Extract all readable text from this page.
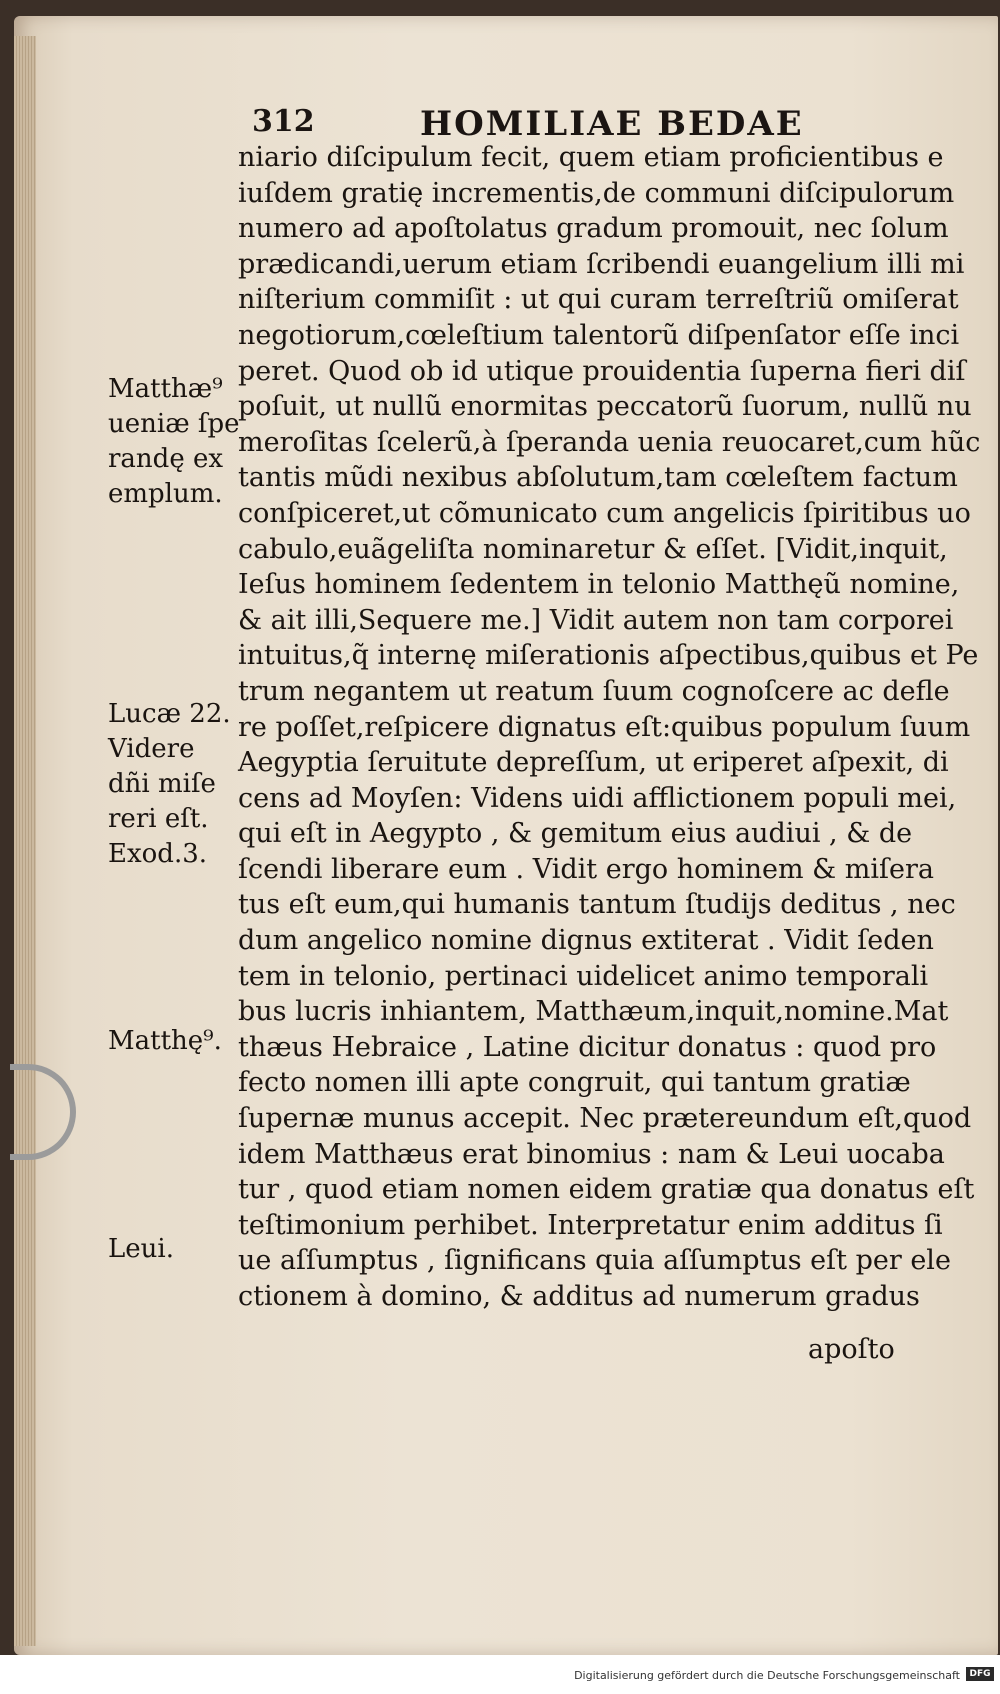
312	HOMILIAE BEDAE
niario diſcipulum fecit, quem etiam proficientibus e
iuſdem gratię incrementis,de communi diſcipulorum
numero ad apoſtolatus gradum promouit, nec ſolum
prædicandi,uerum etiam ſcribendi euangelium illi mi
niſterium commiſit : ut qui curam terreſtriũ omiſerat
negotiorum,cœleſtium talentorũ diſpenſator eſſe inci
peret. Quod ob id utique prouidentia ſuperna fieri diſ
poſuit, ut nullũ enormitas peccatorũ ſuorum, nullũ nu
meroſitas ſcelerũ,à ſperanda uenia reuocaret,cum hũc
tantis mũdi nexibus abſolutum,tam cœleſtem factum
conſpiceret,ut cõmunicato cum angelicis ſpiritibus uo
cabulo,euãgeliſta nominaretur & eſſet. [Vidit,inquit,
Ieſus hominem ſedentem in telonio Matthęũ nomine,
& ait illi,Sequere me.] Vidit autem non tam corporei
intuitus,q̃ internę miſerationis aſpectibus,quibus et Pe
trum negantem ut reatum ſuum cognoſcere ac defle
re poſſet,reſpicere dignatus eſt:quibus populum ſuum
Aegyptia ſeruitute depreſſum, ut eriperet aſpexit, di
cens ad Moyſen: Videns uidi afflictionem populi mei,
qui eſt in Aegypto , & gemitum eius audiui , & de
ſcendi liberare eum . Vidit ergo hominem & miſera
tus eſt eum,qui humanis tantum ſtudijs deditus , nec
dum angelico nomine dignus extiterat . Vidit ſeden
tem in telonio, pertinaci uidelicet animo temporali
bus lucris inhiantem, Matthæum,inquit,nomine.Mat
thæus Hebraice , Latine dicitur donatus : quod pro
fecto nomen illi apte congruit, qui tantum gratiæ
ſupernæ munus accepit. Nec prætereundum eſt,quod
idem Matthæus erat binomius : nam & Leui uocaba
tur , quod etiam nomen eidem gratiæ qua donatus eſt
teſtimonium perhibet. Interpretatur enim additus ſi
ue aſſumptus , ſignificans quia aſſumptus eſt per ele
ctionem à domino, & additus ad numerum gradus
apoſto
Matthæ⁹
ueniæ ſpe
randę ex
emplum.
Lucæ 22.
Videre
dñi miſe
reri eſt.
Exod.3.
Matthę⁹.
Leui.
Digitalisierung gefördert durch die Deutsche Forschungsgemeinschaft	DFG
